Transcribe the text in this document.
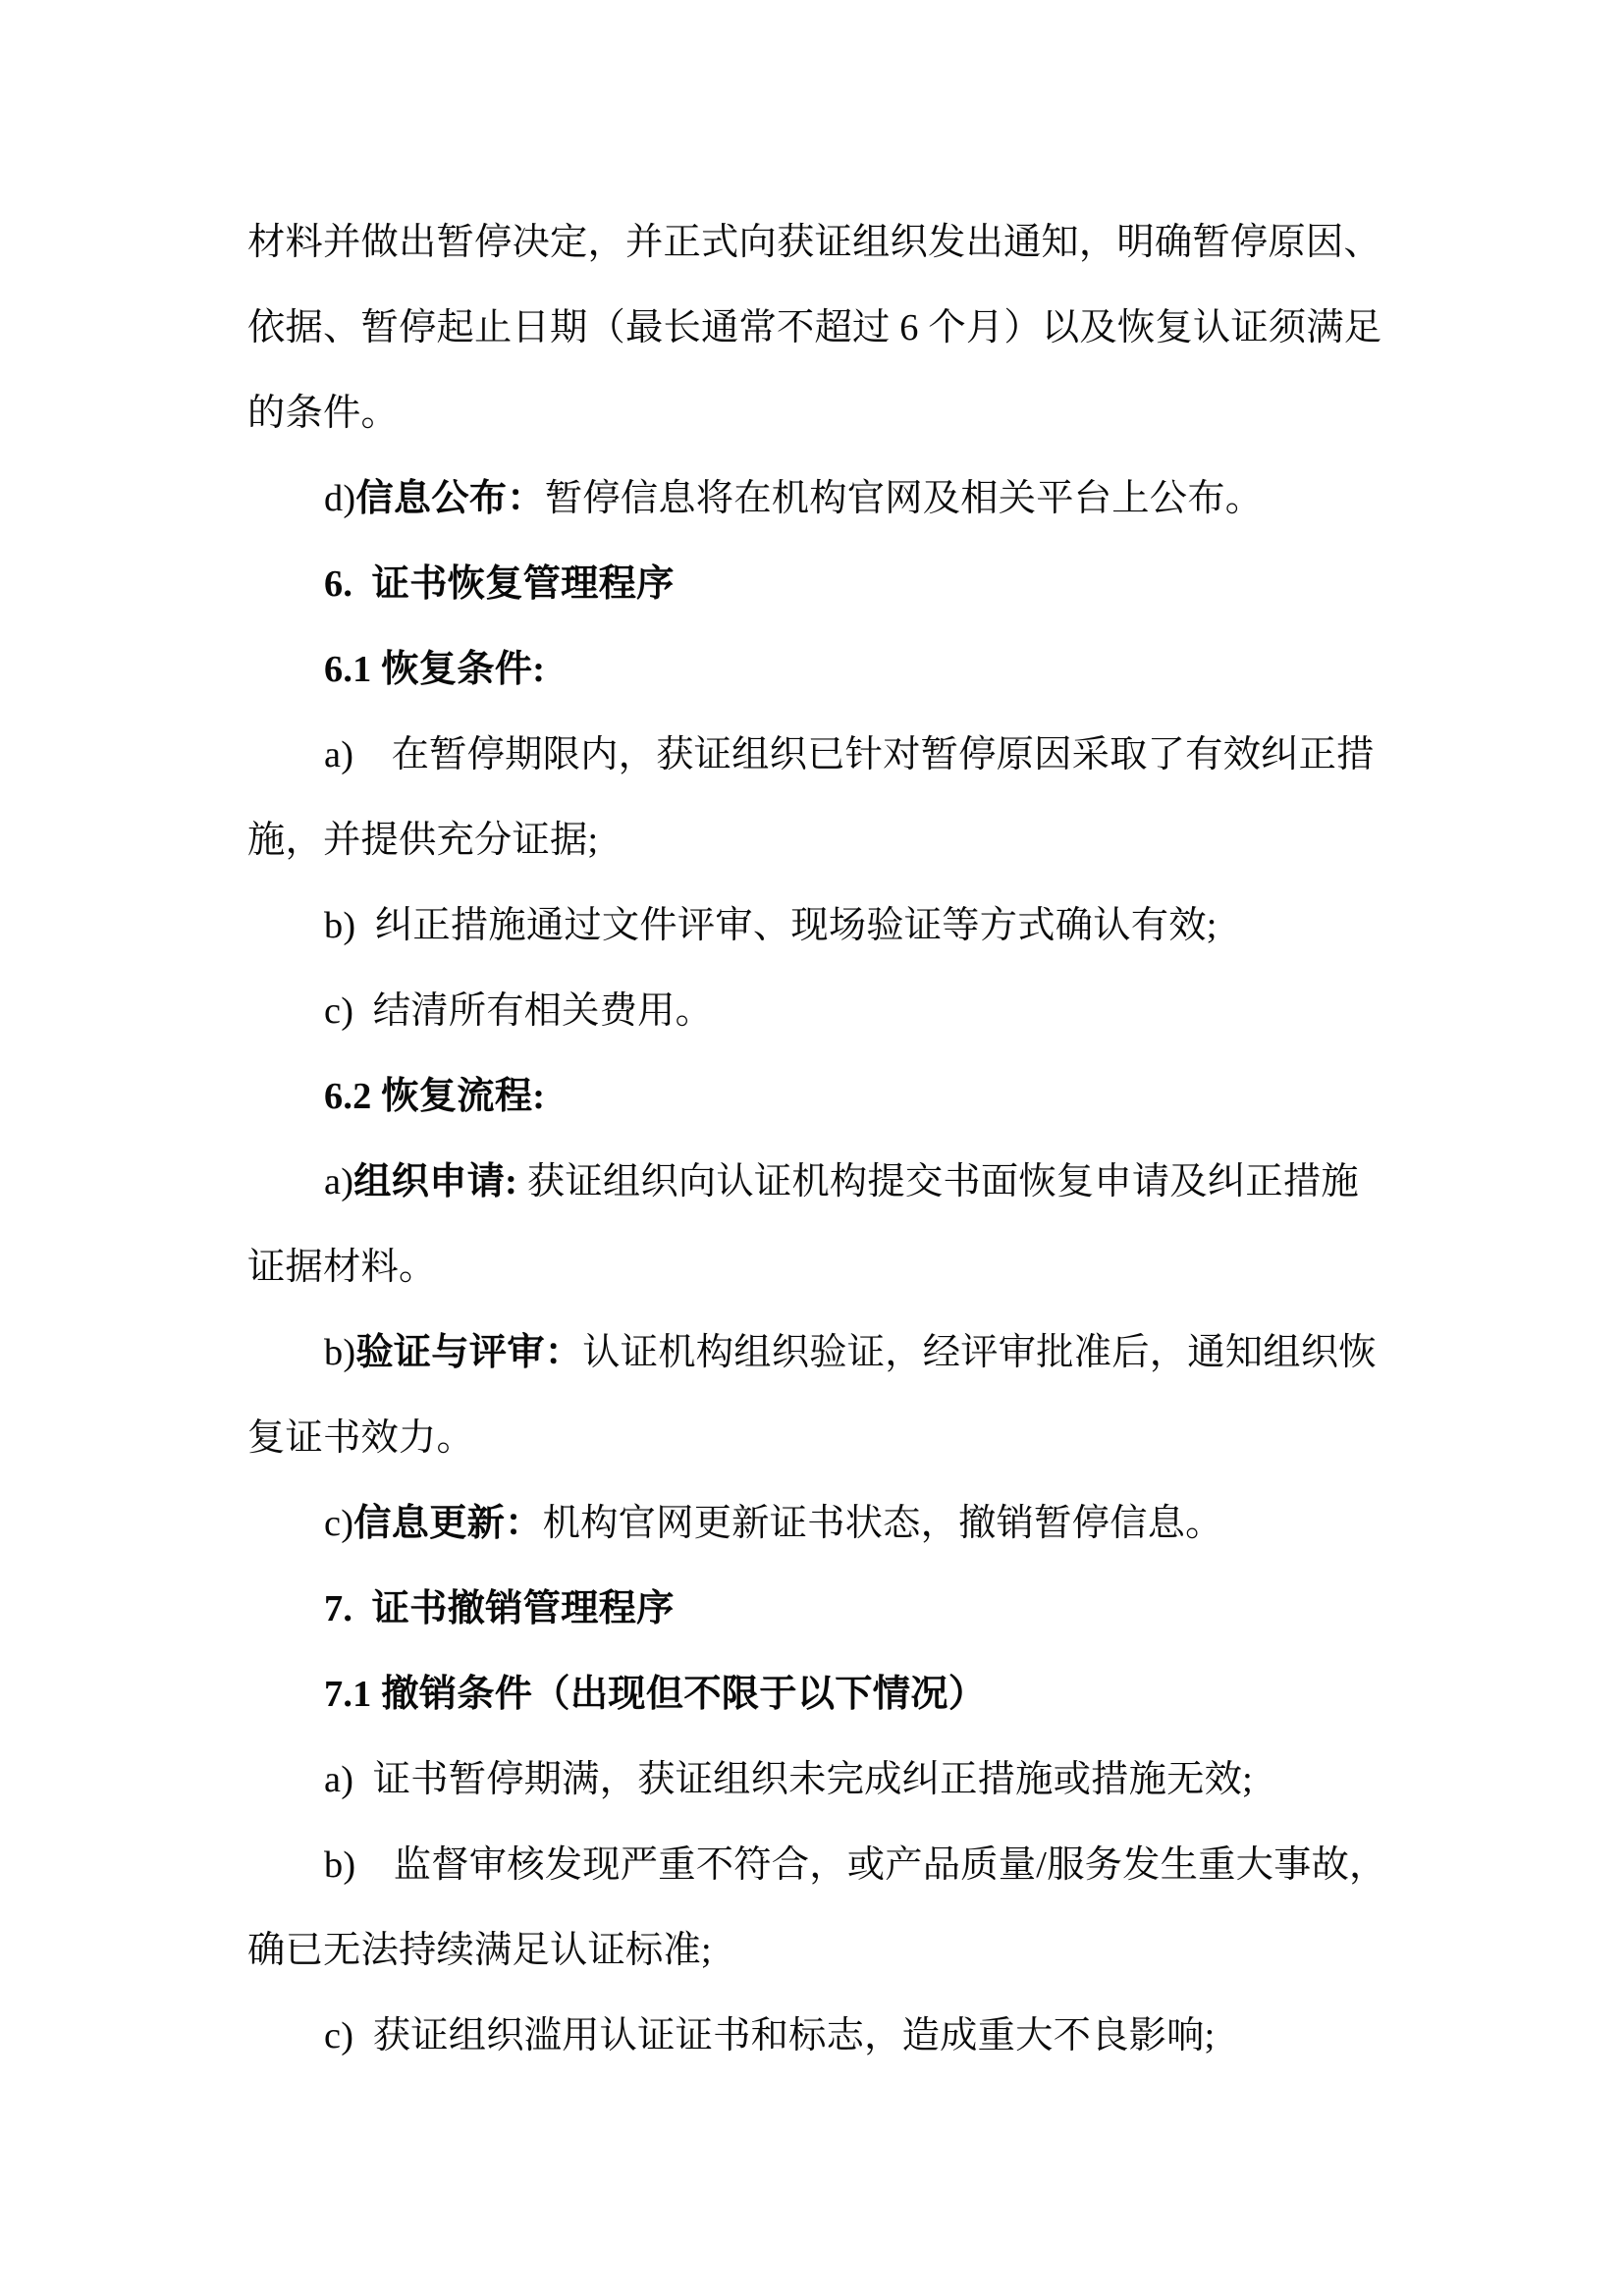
材料并做出暂停决定，并正式向获证组织发出通知，明确暂停原因、
依据、暂停起止日期（最长通常不超过 6 个月）以及恢复认证须满足
的条件。
d)信息公布：暂停信息将在机构官网及相关平台上公布。
6.  证书恢复管理程序
6.1 恢复条件:
a)　在暂停期限内，获证组织已针对暂停原因采取了有效纠正措
施，并提供充分证据;
b)  纠正措施通过文件评审、现场验证等方式确认有效;
c)  结清所有相关费用。
6.2 恢复流程:
a)组织申请: 获证组织向认证机构提交书面恢复申请及纠正措施
证据材料。
b)验证与评审：认证机构组织验证，经评审批准后，通知组织恢
复证书效力。
c)信息更新：机构官网更新证书状态，撤销暂停信息。
7.  证书撤销管理程序
7.1 撤销条件（出现但不限于以下情况）
a)  证书暂停期满，获证组织未完成纠正措施或措施无效;
b)　监督审核发现严重不符合，或产品质量/服务发生重大事故，
确已无法持续满足认证标准;
c)  获证组织滥用认证证书和标志，造成重大不良影响;
